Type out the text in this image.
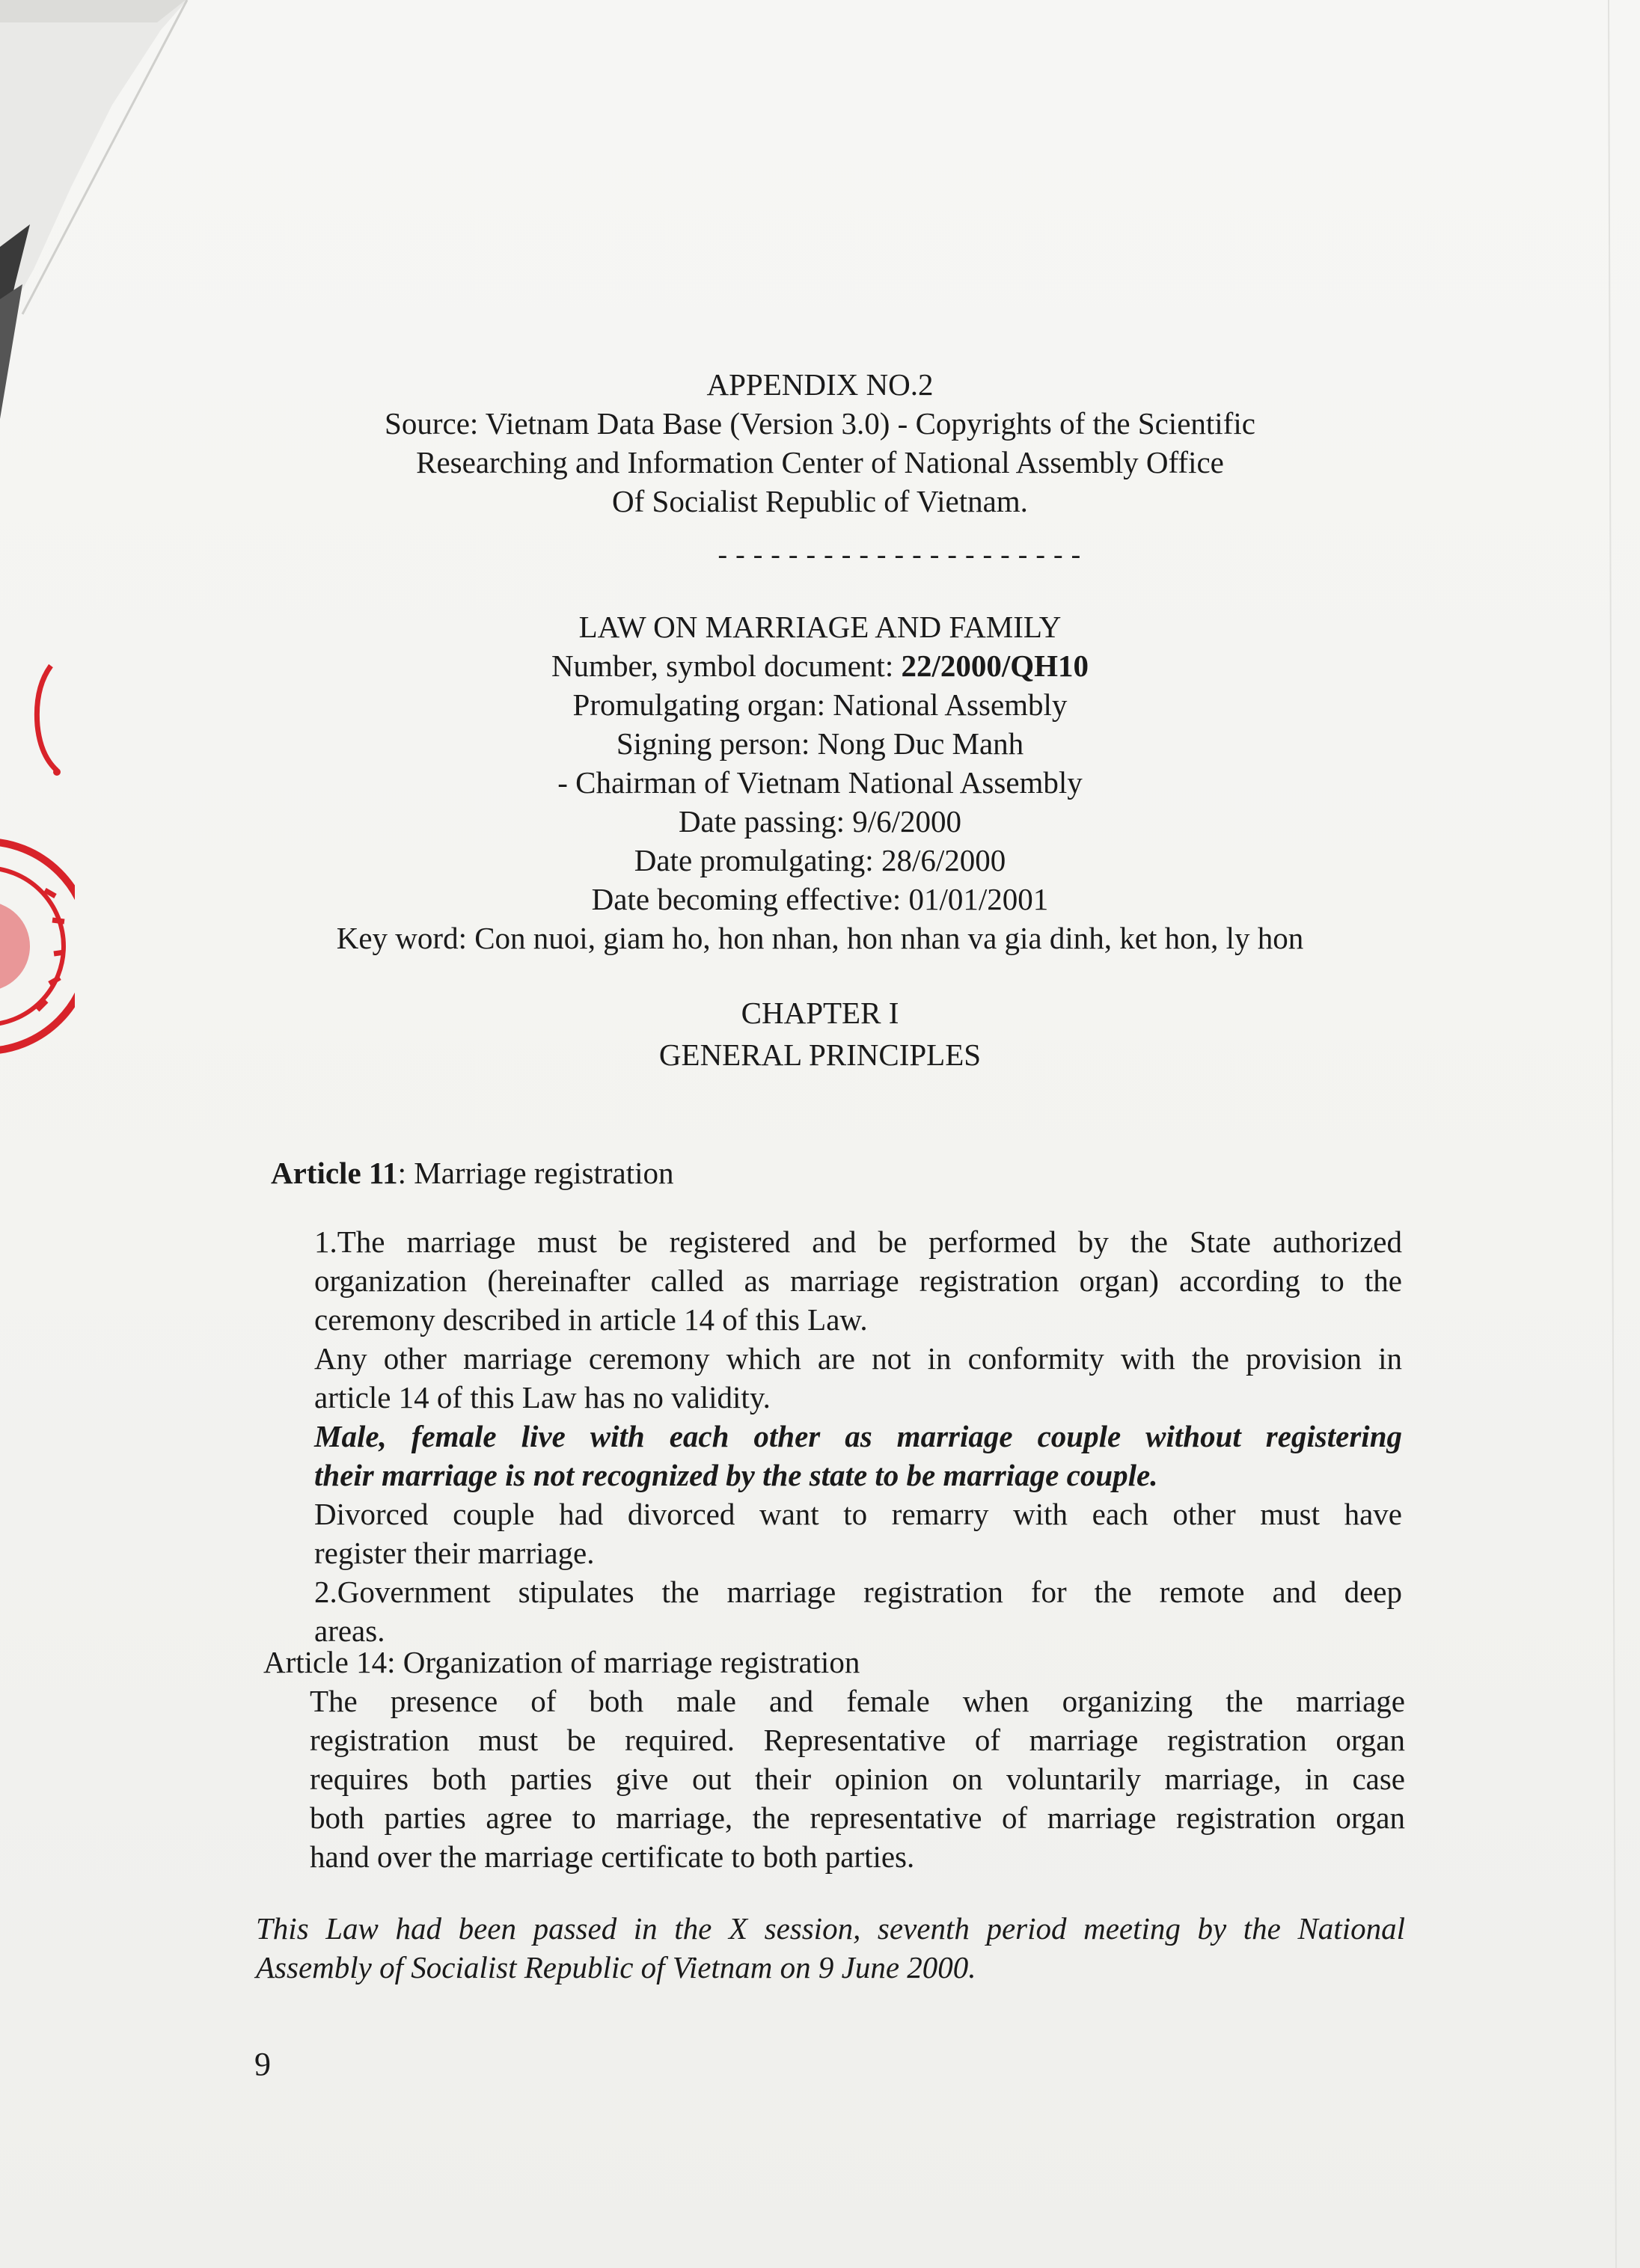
APPENDIX NO.2
Source: Vietnam Data Base (Version 3.0) - Copyrights of the Scientific
Researching and Information Center of National Assembly Office
Of Socialist Republic of Vietnam.
---------------------
LAW ON MARRIAGE AND FAMILY
Number, symbol document: 22/2000/QH10
Promulgating organ: National Assembly
Signing person: Nong Duc Manh
- Chairman of Vietnam National Assembly
Date passing: 9/6/2000
Date promulgating: 28/6/2000
Date becoming effective: 01/01/2001
Key word: Con nuoi, giam ho, hon nhan, hon nhan va gia dinh, ket hon, ly hon
CHAPTER I
GENERAL PRINCIPLES
Article 11: Marriage registration
1.The marriage must be registered and be performed by the State authorized
organization (hereinafter called as marriage registration organ) according to the
ceremony described in article 14 of this Law.
Any other marriage ceremony which are not in conformity with the provision in
article 14 of this Law has no validity.
Male, female live with each other as marriage couple without registering
their marriage is not recognized by the state to be marriage couple.
Divorced couple had divorced want to remarry with each other must have
register their marriage.
2.Government stipulates the marriage registration for the remote and deep
areas.
Article 14: Organization of marriage registration
The presence of both male and female when organizing the marriage
registration must be required. Representative of marriage registration organ
requires both parties give out their opinion on voluntarily marriage, in case
both parties agree to marriage, the representative of marriage registration organ
hand over the marriage certificate to both parties.
This Law had been passed in the X session, seventh period meeting by the National
Assembly of Socialist Republic of Vietnam on 9 June 2000.
9
